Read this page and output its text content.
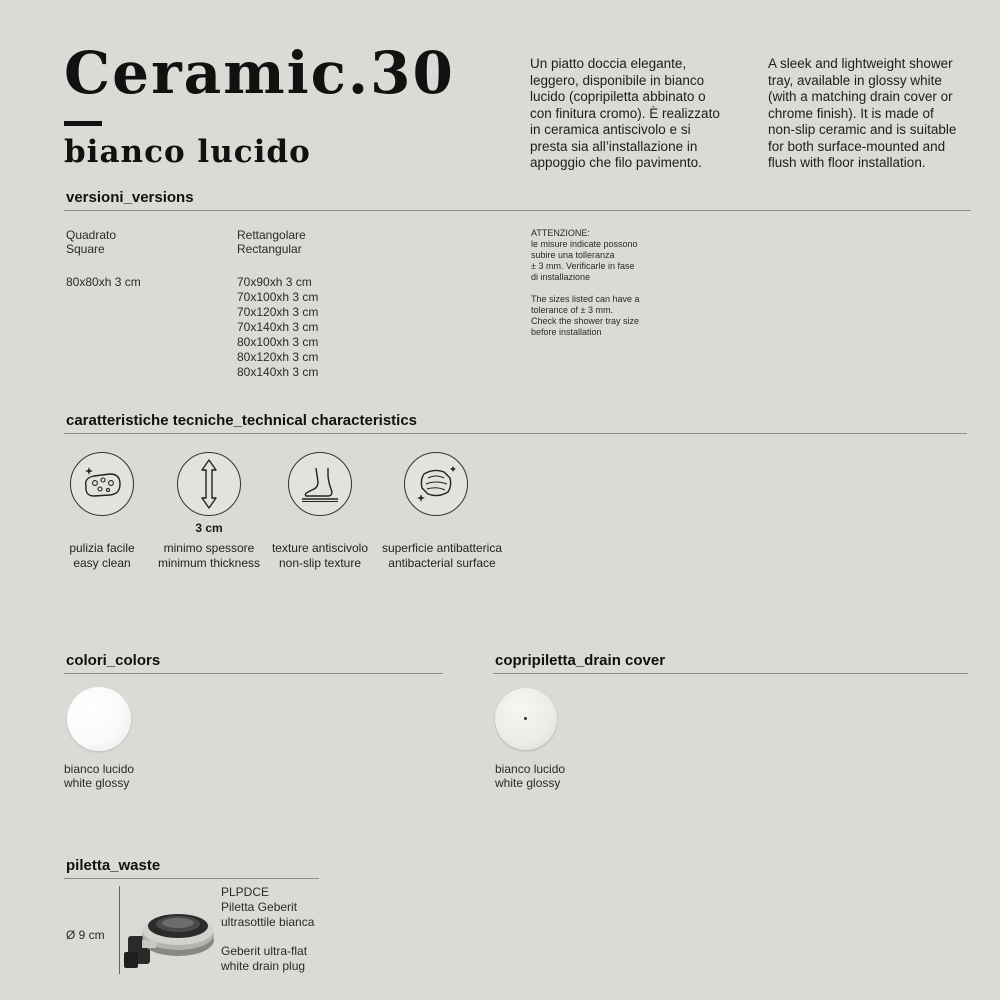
Ceramic.30
bianco lucido
Un piatto doccia elegante,
leggero, disponibile in bianco
lucido (copripiletta abbinato o
con finitura cromo). È realizzato
in ceramica antiscivolo e si
presta sia all’installazione in
appoggio che filo pavimento.
A sleek and lightweight shower
tray, available in glossy white
(with a matching drain cover or
chrome finish). It is made of
non-slip ceramic and is suitable
for both surface-mounted and
flush with floor installation.
versioni_versions
Quadrato
Square
80x80xh 3 cm
Rettangolare
Rectangular
70x90xh 3 cm
70x100xh 3 cm
70x120xh 3 cm
70x140xh 3 cm
80x100xh 3 cm
80x120xh 3 cm
80x140xh 3 cm
ATTENZIONE:
le misure indicate possono
subire una tolleranza
± 3 mm. Verificarle in fase
di installazione
The sizes listed can have a
tolerance of ± 3 mm.
Check the shower tray size
before installation
caratteristiche tecniche_technical characteristics
pulizia facile
easy clean
3 cm
minimo spessore
minimum thickness
texture antiscivolo
non-slip texture
superficie antibatterica
antibacterial surface
colori_colors
bianco lucido
white glossy
copripiletta_drain cover
bianco lucido
white glossy
piletta_waste
Ø 9 cm
PLPDCE
Piletta Geberit
ultrasottile bianca
Geberit ultra-flat
white drain plug
